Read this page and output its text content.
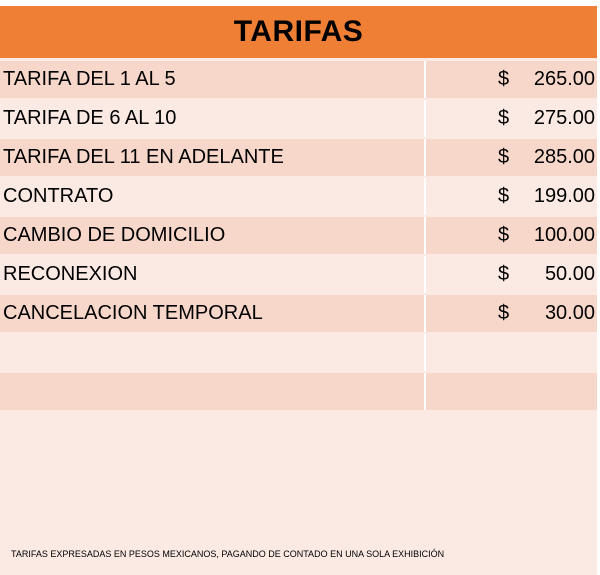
TARIFAS
TARIFA DEL 1 AL 5	$	265.00
TARIFA DE 6 AL 10	$	275.00
TARIFA DEL 11 EN ADELANTE	$	285.00
CONTRATO	$	199.00
CAMBIO DE DOMICILIO	$	100.00
RECONEXION	$	50.00
CANCELACION TEMPORAL	$	30.00
TARIFAS EXPRESADAS EN PESOS MEXICANOS, PAGANDO DE CONTADO EN UNA SOLA EXHIBICIÓN
